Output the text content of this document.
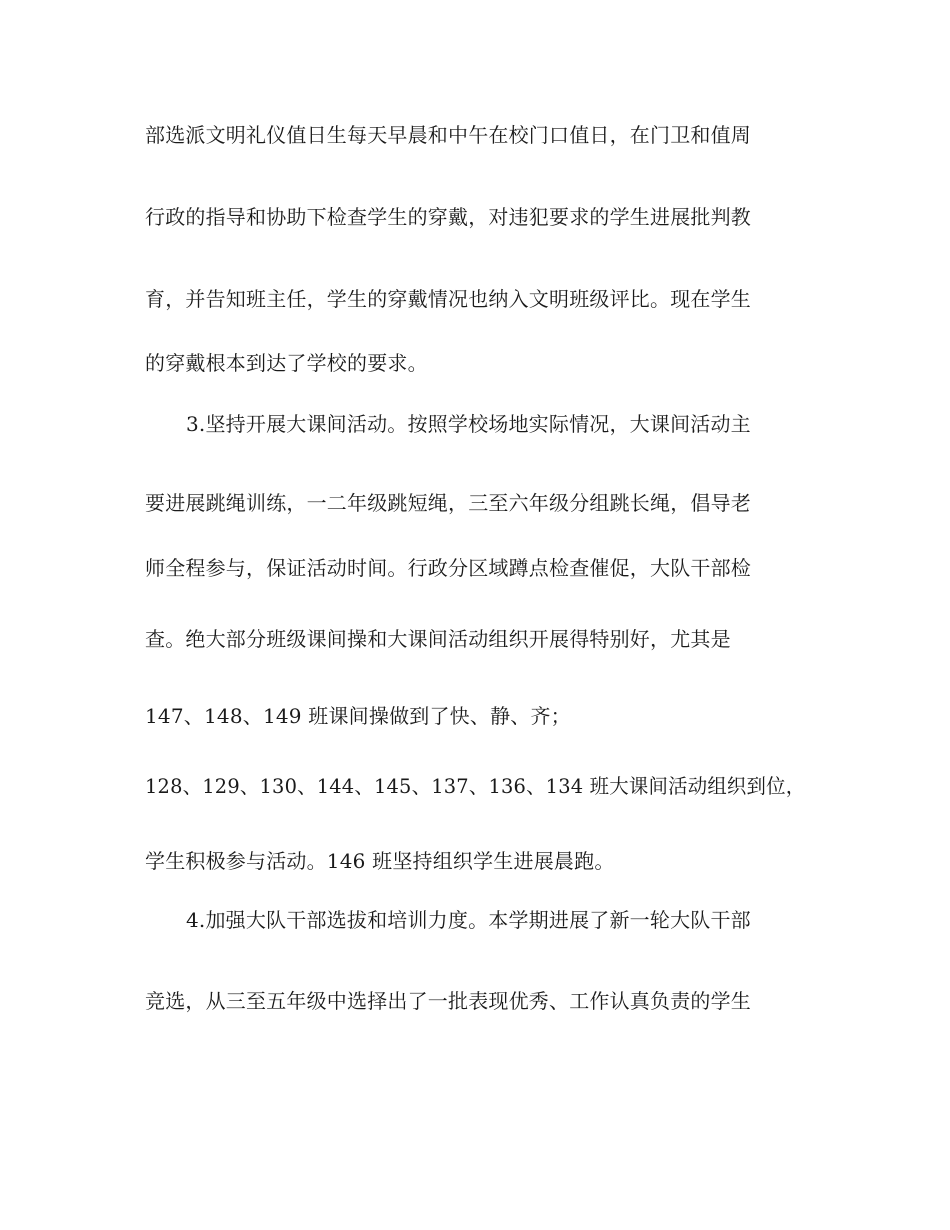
部选派文明礼仪值日生每天早晨和中午在校门口值日，在门卫和值周
行政的指导和协助下检查学生的穿戴，对违犯要求的学生进展批判教
育，并告知班主任，学生的穿戴情况也纳入文明班级评比。现在学生
的穿戴根本到达了学校的要求。
3.坚持开展大课间活动。按照学校场地实际情况，大课间活动主
要进展跳绳训练，一二年级跳短绳，三至六年级分组跳长绳，倡导老
师全程参与，保证活动时间。行政分区域蹲点检查催促，大队干部检
查。绝大部分班级课间操和大课间活动组织开展得特别好，尤其是
147、148、149 班课间操做到了快、静、齐；
128、129、130、144、145、137、136、134 班大课间活动组织到位，
学生积极参与活动。146 班坚持组织学生进展晨跑。
4.加强大队干部选拔和培训力度。本学期进展了新一轮大队干部
竞选，从三至五年级中选择出了一批表现优秀、工作认真负责的学生
